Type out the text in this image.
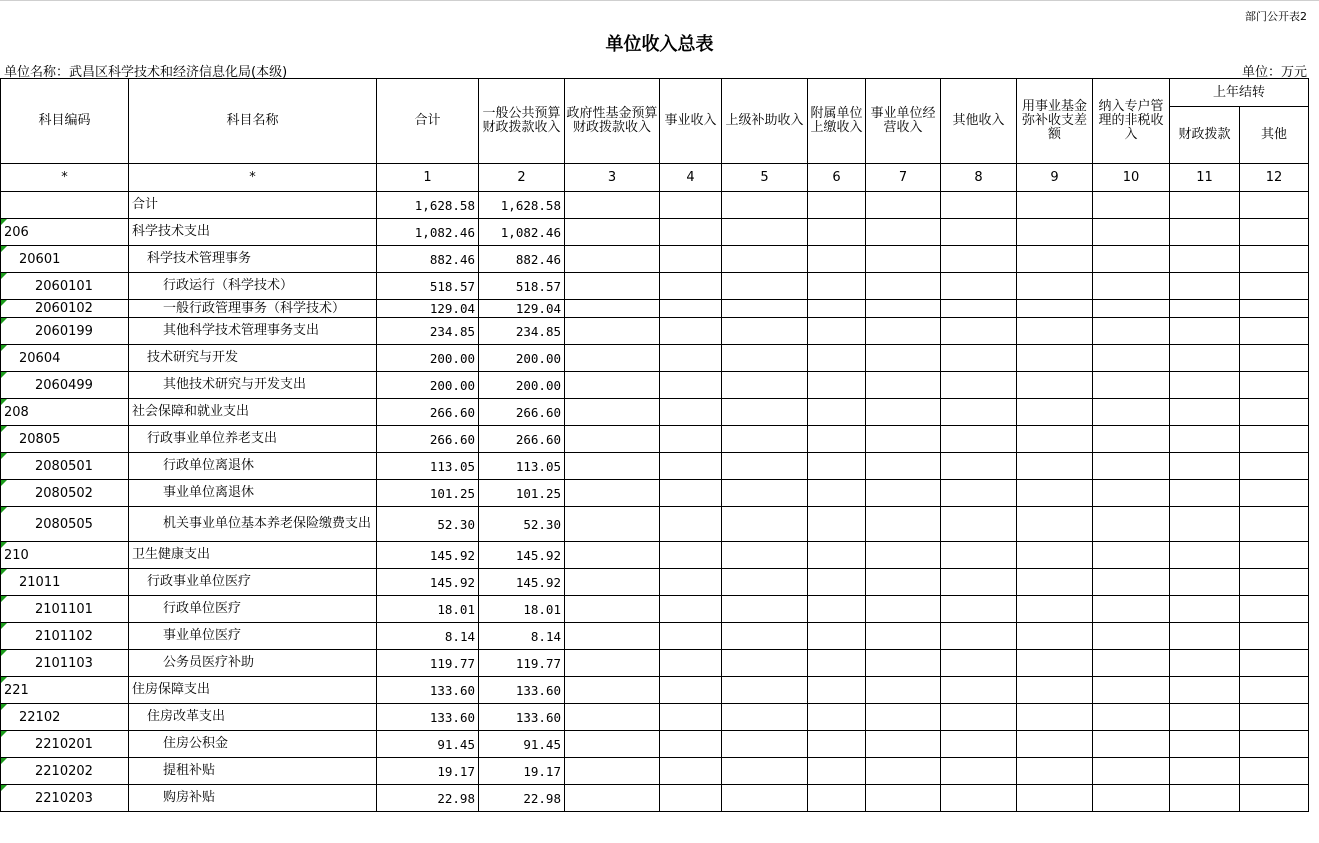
部门公开表2
单位收入总表
单位名称：武昌区科学技术和经济信息化局(本级)	单位：万元
科目编码	科目名称	合计	一般公共预算财政拨款收入	政府性基金预算财政拨款收入	事业收入	上级补助收入	附属单位上缴收入	事业单位经营收入	其他收入	用事业基金弥补收支差额	纳入专户管理的非税收入	上年结转	
												财政拨款	其他
*	*	1	2	3	4	5	6	7	8	9	10	11	12
	合计	1,628.58	1,628.58										

206	科学技术支出	1,082.46	1,082.46										

20601	科学技术管理事务	882.46	882.46										

2060101	行政运行（科学技术）	518.57	518.57										

2060102	一般行政管理事务（科学技术）	129.04	129.04										

2060199	其他科学技术管理事务支出	234.85	234.85										

20604	技术研究与开发	200.00	200.00										

2060499	其他技术研究与开发支出	200.00	200.00										

208	社会保障和就业支出	266.60	266.60										

20805	行政事业单位养老支出	266.60	266.60										

2080501	行政单位离退休	113.05	113.05										

2080502	事业单位离退休	101.25	101.25										

2080505	机关事业单位基本养老保险缴费支出	52.30	52.30										

210	卫生健康支出	145.92	145.92										

21011	行政事业单位医疗	145.92	145.92										

2101101	行政单位医疗	18.01	18.01										

2101102	事业单位医疗	8.14	8.14										

2101103	公务员医疗补助	119.77	119.77										

221	住房保障支出	133.60	133.60										

22102	住房改革支出	133.60	133.60										

2210201	住房公积金	91.45	91.45										

2210202	提租补贴	19.17	19.17										

2210203	购房补贴	22.98	22.98										
